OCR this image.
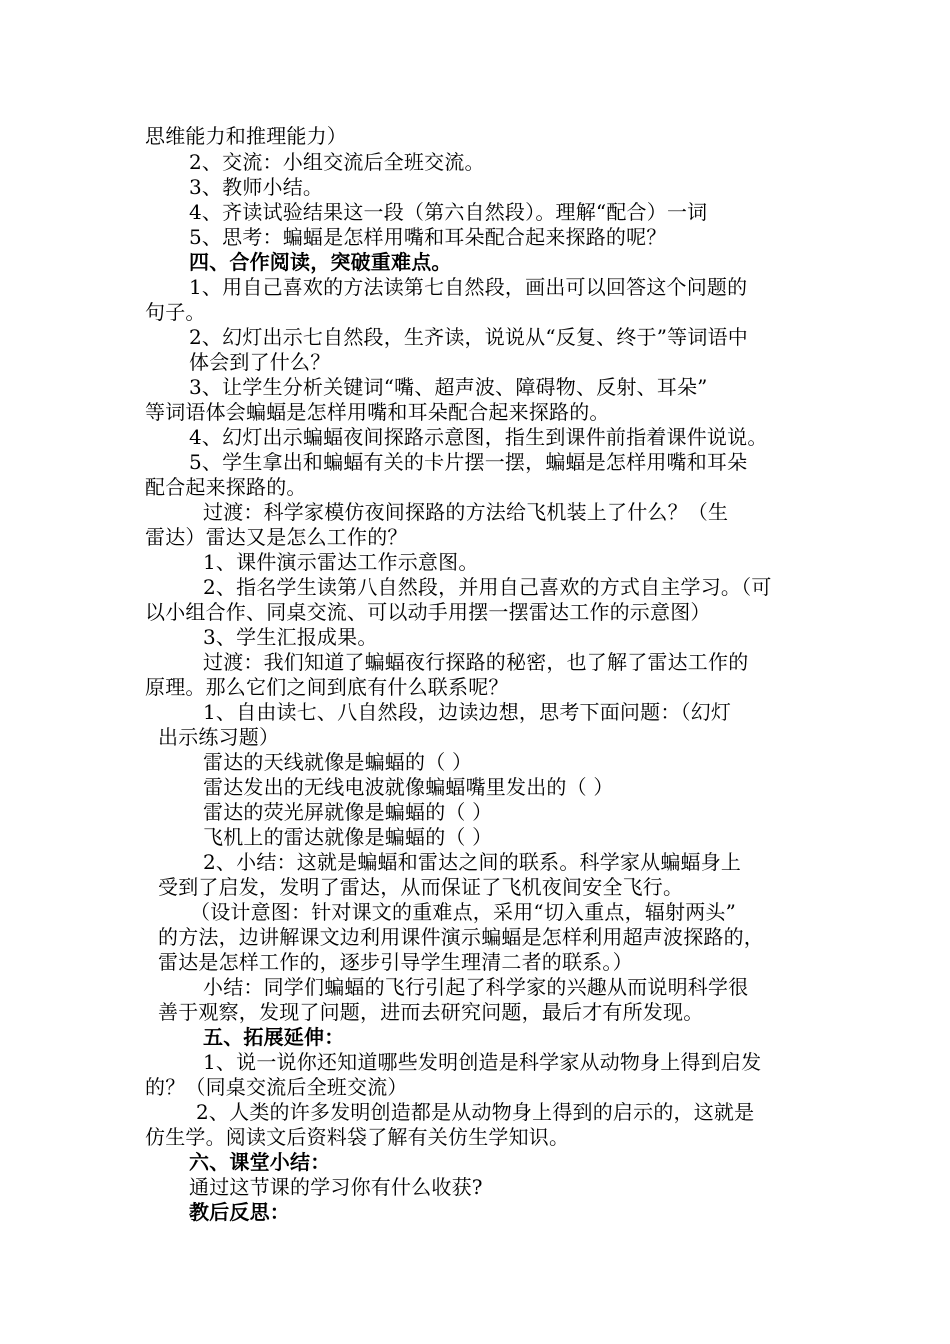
思维能力和推理能力）
2、交流：小组交流后全班交流。
3、教师小结。
4、齐读试验结果这一段（第六自然段）。理解“配合）一词
5、思考：蝙蝠是怎样用嘴和耳朵配合起来探路的呢？
四、合作阅读，突破重难点。
1、用自己喜欢的方法读第七自然段，画出可以回答这个问题的
句子。
2、幻灯出示七自然段，生齐读，说说从“反复、终于”等词语中
体会到了什么？
3、让学生分析关键词“嘴、超声波、障碍物、反射、耳朵”
等词语体会蝙蝠是怎样用嘴和耳朵配合起来探路的。
4、幻灯出示蝙蝠夜间探路示意图，指生到课件前指着课件说说。
5、学生拿出和蝙蝠有关的卡片摆一摆，蝙蝠是怎样用嘴和耳朵
配合起来探路的。
过渡：科学家模仿夜间探路的方法给飞机装上了什么？（生
雷达）雷达又是怎么工作的？
1、课件演示雷达工作示意图。
2、指名学生读第八自然段，并用自己喜欢的方式自主学习。（可
以小组合作、同桌交流、可以动手用摆一摆雷达工作的示意图）
3、学生汇报成果。
过渡：我们知道了蝙蝠夜行探路的秘密，也了解了雷达工作的
原理。那么它们之间到底有什么联系呢？
1、自由读七、八自然段，边读边想，思考下面问题：（幻灯
出示练习题）
雷达的天线就像是蝙蝠的（ ）
雷达发出的无线电波就像蝙蝠嘴里发出的（ ）
雷达的荧光屏就像是蝙蝠的（ ）
飞机上的雷达就像是蝙蝠的（ ）
2、小结：这就是蝙蝠和雷达之间的联系。科学家从蝙蝠身上
受到了启发，发明了雷达，从而保证了飞机夜间安全飞行。
（设计意图：针对课文的重难点，采用“切入重点，辐射两头”
的方法，边讲解课文边利用课件演示蝙蝠是怎样利用超声波探路的，
雷达是怎样工作的，逐步引导学生理清二者的联系。）
小结：同学们蝙蝠的飞行引起了科学家的兴趣从而说明科学很
善于观察，发现了问题，进而去研究问题，最后才有所发现。
五、拓展延伸：
1、说一说你还知道哪些发明创造是科学家从动物身上得到启发
的？（同桌交流后全班交流）
2、人类的许多发明创造都是从动物身上得到的启示的，这就是
仿生学。阅读文后资料袋了解有关仿生学知识。
六、课堂小结：
通过这节课的学习你有什么收获?
教后反思：
